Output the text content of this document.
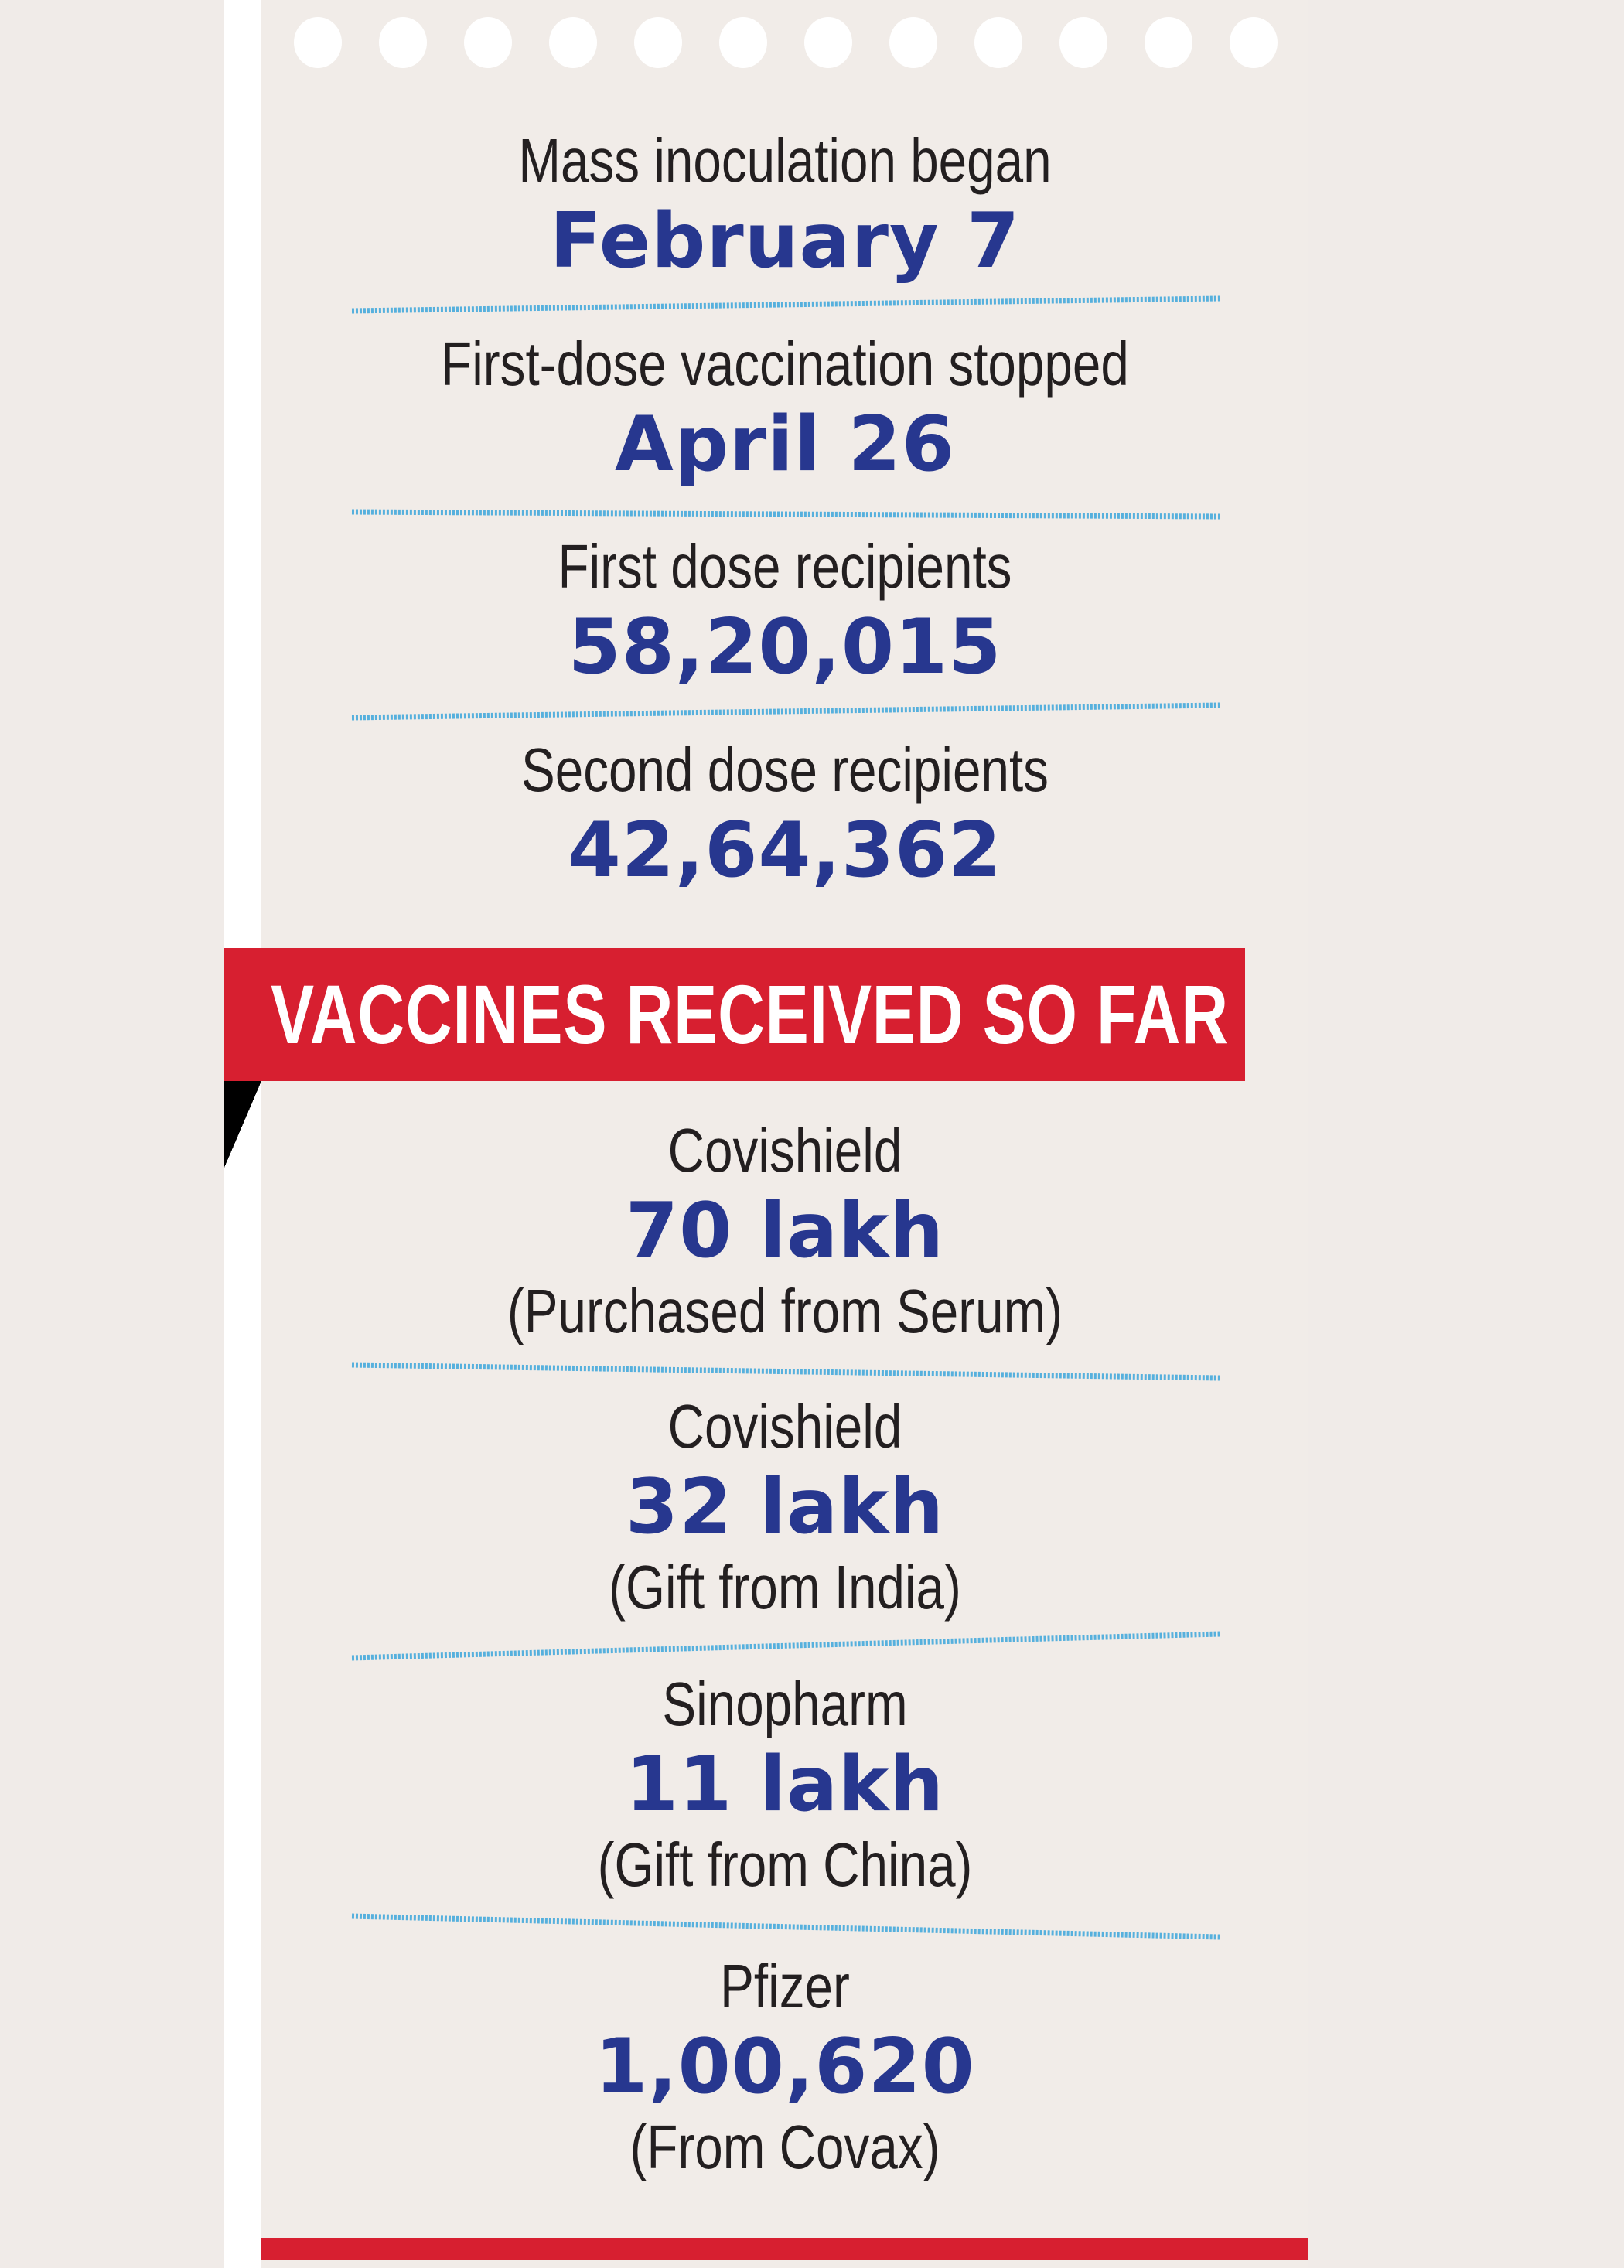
Mass inoculation began
February 7
First-dose vaccination stopped
April 26
First dose recipients
58,20,015
Second dose recipients
42,64,362
VACCINES RECEIVED SO FAR
Covishield
70 lakh
(Purchased from Serum)
Covishield
32 lakh
(Gift from India)
Sinopharm
11 lakh
(Gift from China)
Pfizer
1,00,620
(From Covax)
